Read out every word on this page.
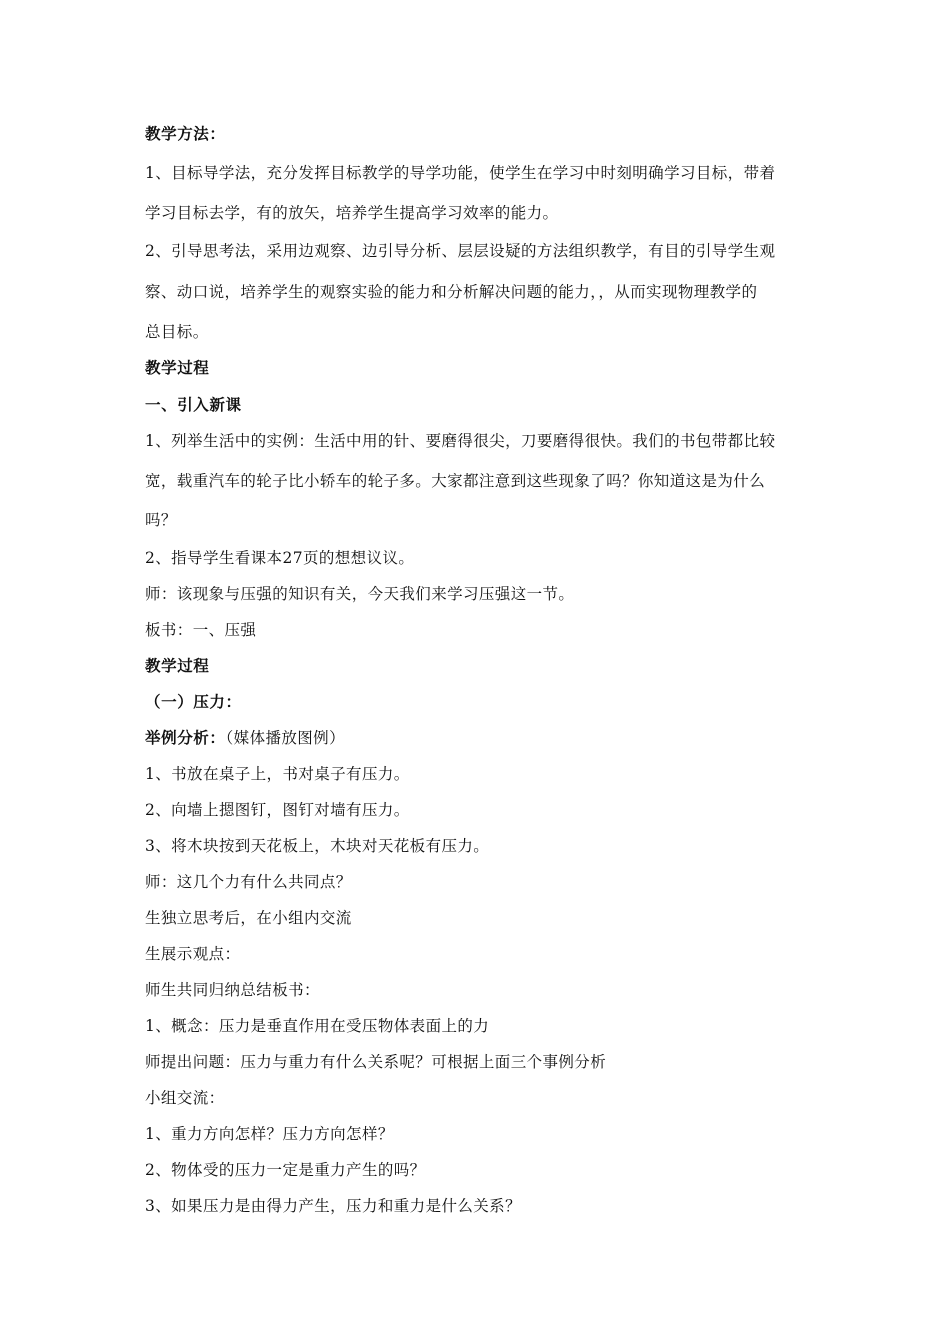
教学方法：
1、目标导学法，充分发挥目标教学的导学功能，使学生在学习中时刻明确学习目标，带着
学习目标去学，有的放矢，培养学生提高学习效率的能力。
2、引导思考法，采用边观察、边引导分析、层层设疑的方法组织教学，有目的引导学生观
察、动口说，培养学生的观察实验的能力和分析解决问题的能力，，从而实现物理教学的
总目标。
教学过程
一、引入新课
1、列举生活中的实例：生活中用的针、要磨得很尖，刀要磨得很快。我们的书包带都比较
宽，载重汽车的轮子比小轿车的轮子多。大家都注意到这些现象了吗？你知道这是为什么
吗？
2、指导学生看课本27页的想想议议。
师：该现象与压强的知识有关，今天我们来学习压强这一节。
板书：一、压强
教学过程
（一）压力：
举例分析：（媒体播放图例）
1、书放在桌子上，书对桌子有压力。
2、向墙上摁图钉，图钉对墙有压力。
3、将木块按到天花板上，木块对天花板有压力。
师：这几个力有什么共同点？
生独立思考后，在小组内交流
生展示观点：
师生共同归纳总结板书：
1、概念：压力是垂直作用在受压物体表面上的力
师提出问题：压力与重力有什么关系呢？可根据上面三个事例分析
小组交流：
1、重力方向怎样？压力方向怎样？
2、物体受的压力一定是重力产生的吗？
3、如果压力是由得力产生，压力和重力是什么关系？
